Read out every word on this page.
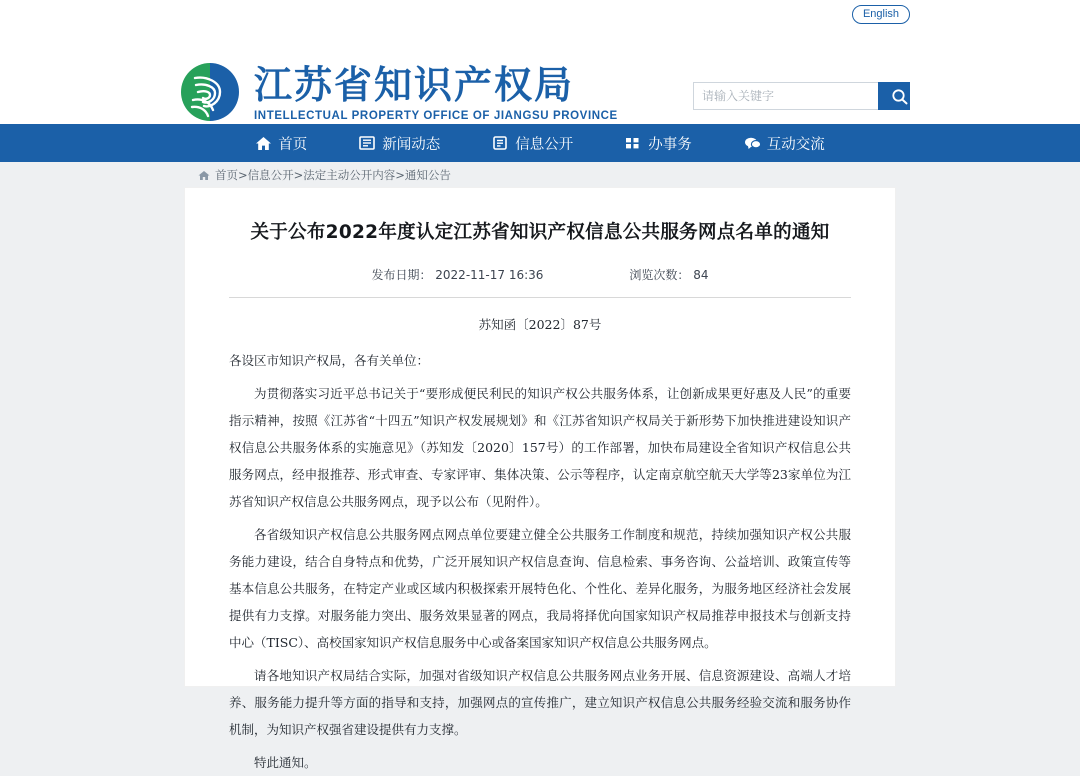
English
江苏省知识产权局
INTELLECTUAL PROPERTY OFFICE OF JIANGSU PROVINCE
请输入关键字
首页	新闻动态	信息公开	办事务	互动交流
首页 > 信息公开 > 法定主动公开内容 > 通知公告
关于公布2022年度认定江苏省知识产权信息公共服务网点名单的通知
发布日期： 2022-11-17 16:36	浏览次数： 84
苏知函〔2022〕87号

各设区市知识产权局，各有关单位：

为贯彻落实习近平总书记关于“要形成便民利民的知识产权公共服务体系，让创新成果更好惠及人民”的重要指示精神，按照《江苏省“十四五”知识产权发展规划》和《江苏省知识产权局关于新形势下加快推进建设知识产权信息公共服务体系的实施意见》（苏知发〔2020〕157号）的工作部署，加快布局建设全省知识产权信息公共服务网点，经申报推荐、形式审查、专家评审、集体决策、公示等程序，认定南京航空航天大学等23家单位为江苏省知识产权信息公共服务网点，现予以公布（见附件）。

各省级知识产权信息公共服务网点网点单位要建立健全公共服务工作制度和规范，持续加强知识产权公共服务能力建设，结合自身特点和优势，广泛开展知识产权信息查询、信息检索、事务咨询、公益培训、政策宣传等基本信息公共服务，在特定产业或区域内积极探索开展特色化、个性化、差异化服务，为服务地区经济社会发展提供有力支撑。对服务能力突出、服务效果显著的网点，我局将择优向国家知识产权局推荐申报技术与创新支持中心（TISC）、高校国家知识产权信息服务中心或备案国家知识产权信息公共服务网点。

请各地知识产权局结合实际，加强对省级知识产权信息公共服务网点业务开展、信息资源建设、高端人才培养、服务能力提升等方面的指导和支持，加强网点的宣传推广，建立知识产权信息公共服务经验交流和服务协作机制，为知识产权强省建设提供有力支撑。

特此通知。
